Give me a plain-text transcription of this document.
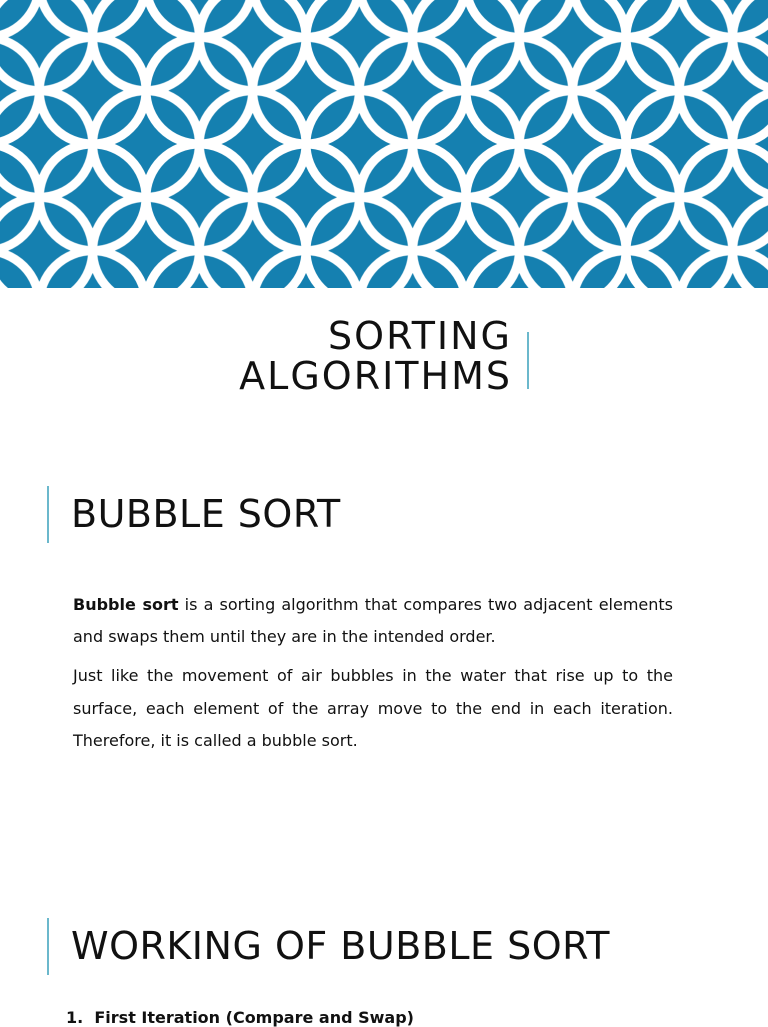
SORTING
ALGORITHMS
BUBBLE SORT
Bubble sort is a sorting algorithm that compares two adjacent elements and swaps them until they are in the intended order.
Just like the movement of air bubbles in the water that rise up to the surface, each element of the array move to the end in each iteration. Therefore, it is called a bubble sort.
WORKING OF BUBBLE SORT
1. First Iteration (Compare and Swap)
